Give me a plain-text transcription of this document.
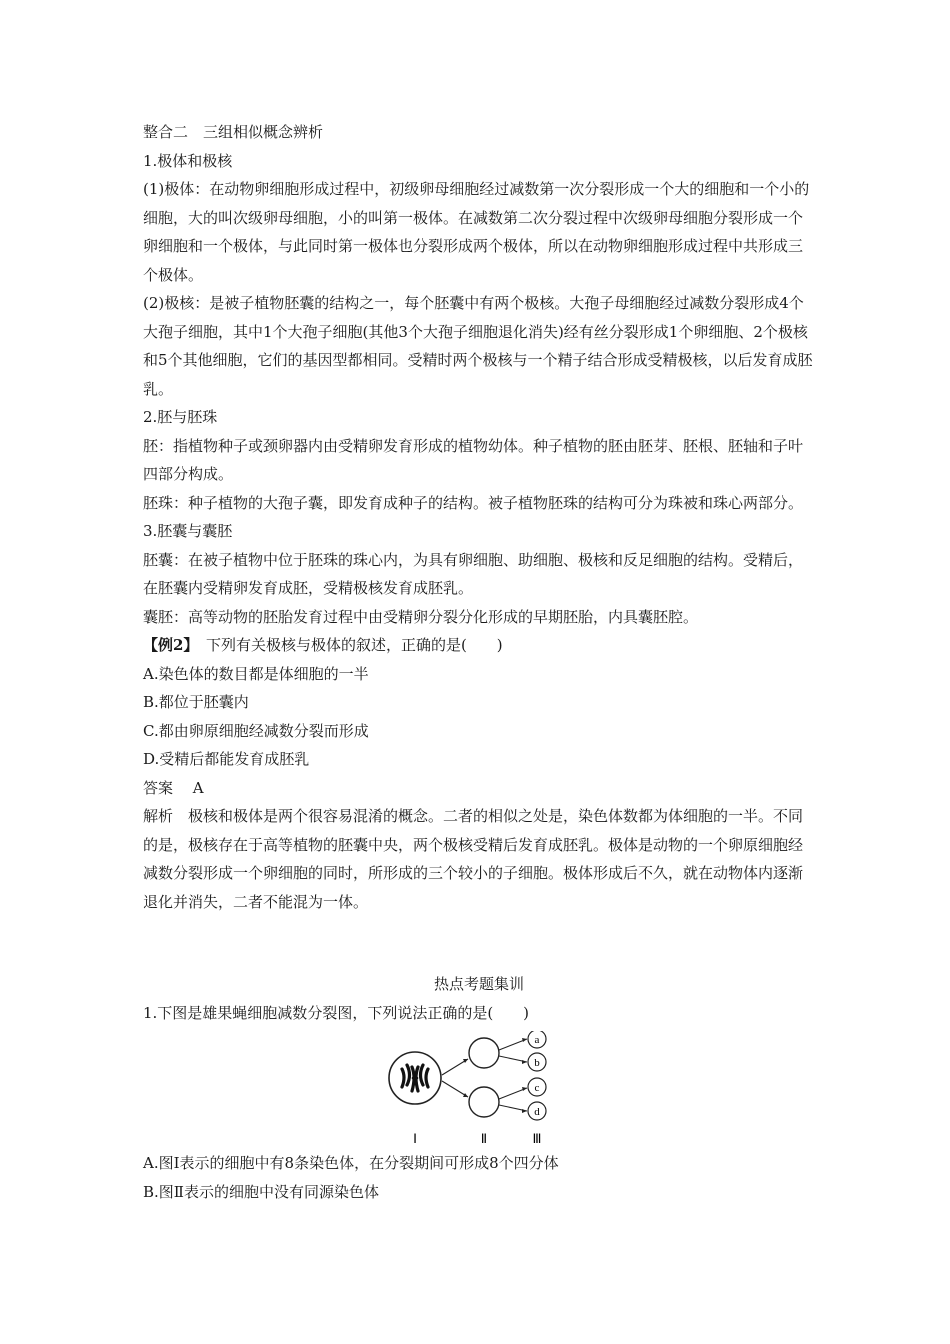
整合二　三组相似概念辨析

1.极体和极核

(1)极体：在动物卵细胞形成过程中，初级卵母细胞经过减数第一次分裂形成一个大的细胞和一个小的细胞，大的叫次级卵母细胞，小的叫第一极体。在减数第二次分裂过程中次级卵母细胞分裂形成一个卵细胞和一个极体，与此同时第一极体也分裂形成两个极体，所以在动物卵细胞形成过程中共形成三个极体。

(2)极核：是被子植物胚囊的结构之一，每个胚囊中有两个极核。大孢子母细胞经过减数分裂形成4个大孢子细胞，其中1个大孢子细胞(其他3个大孢子细胞退化消失)经有丝分裂形成1个卵细胞、2个极核和5个其他细胞，它们的基因型都相同。受精时两个极核与一个精子结合形成受精极核，以后发育成胚乳。

2.胚与胚珠

胚：指植物种子或颈卵器内由受精卵发育形成的植物幼体。种子植物的胚由胚芽、胚根、胚轴和子叶四部分构成。

胚珠：种子植物的大孢子囊，即发育成种子的结构。被子植物胚珠的结构可分为珠被和珠心两部分。

3.胚囊与囊胚

胚囊：在被子植物中位于胚珠的珠心内，为具有卵细胞、助细胞、极核和反足细胞的结构。受精后，在胚囊内受精卵发育成胚，受精极核发育成胚乳。

囊胚：高等动物的胚胎发育过程中由受精卵分裂分化形成的早期胚胎，内具囊胚腔。

【例2】　下列有关极核与极体的叙述，正确的是(　　)

A.染色体的数目都是体细胞的一半

B.都位于胚囊内

C.都由卵原细胞经减数分裂而形成

D.受精后都能发育成胚乳

答案　 A

解析　极核和极体是两个很容易混淆的概念。二者的相似之处是，染色体数都为体细胞的一半。不同的是，极核存在于高等植物的胚囊中央，两个极核受精后发育成胚乳。极体是动物的一个卵原细胞经减数分裂形成一个卵细胞的同时，所形成的三个较小的子细胞。极体形成后不久，就在动物体内逐渐退化并消失，二者不能混为一体。

热点考题集训

1.下图是雄果蝇细胞减数分裂图，下列说法正确的是(　　)

a
b
c
d
Ⅰ	Ⅱ	Ⅲ

A.图Ⅰ表示的细胞中有8条染色体，在分裂期间可形成8个四分体

B.图Ⅱ表示的细胞中没有同源染色体
